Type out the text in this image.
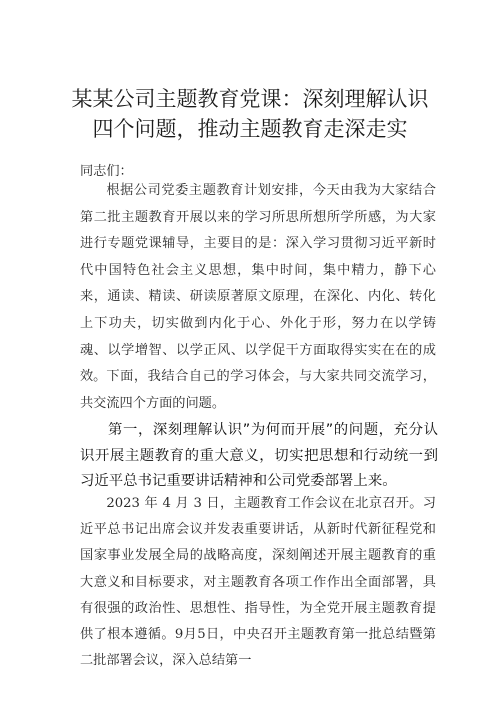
某某公司主题教育党课：深刻理解认识
四个问题，推动主题教育走深走实
同志们：

根据公司党委主题教育计划安排，今天由我为大家结合第二批主题教育开展以来的学习所思所想所学所感，为大家进行专题党课辅导，主要目的是：深入学习贯彻习近平新时代中国特色社会主义思想，集中时间，集中精力，静下心来，通读、精读、研读原著原文原理，在深化、内化、转化上下功夫，切实做到内化于心、外化于形，努力在以学铸魂、以学增智、以学正风、以学促干方面取得实实在在的成效。 下面，我结合自己的学习体会，与大家共同交流学习，共交流四个方面的问题。

第一，深刻理解认识”为何而开展”的问题，充分认识开展主题教育的重大意义，切实把思想和行动统一到习近平总书记重要讲话精神和公司党委部署上来。

2023 年 4 月 3 日，主题教育工作会议在北京召开。习近平总书记出席会议并发表重要讲话，从新时代新征程党和国家事业发展全局的战略高度，深刻阐述开展主题教育的重大意义和目标要求，对主题教育各项工作作出全面部署，具有很强的政治性、思想性、指导性，为全党开展主题教育提供了根本遵循。9月5日，中央召开主题教育第一批总结暨第二批部署会议，深入总结第一
